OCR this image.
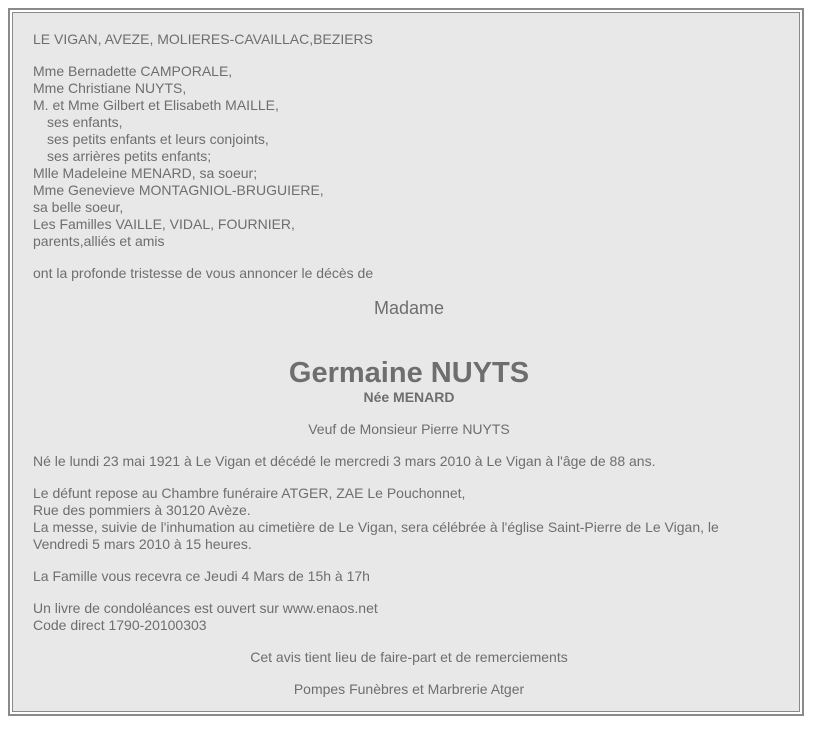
LE VIGAN, AVEZE, MOLIERES-CAVAILLAC,BEZIERS

Mme Bernadette CAMPORALE,
Mme Christiane NUYTS,
M. et Mme Gilbert et Elisabeth MAILLE,
ses enfants,
ses petits enfants et leurs conjoints,
ses arrières petits enfants;
Mlle Madeleine MENARD, sa soeur;
Mme Genevieve MONTAGNIOL-BRUGUIERE,
sa belle soeur,
Les Familles VAILLE, VIDAL, FOURNIER,
parents,alliés et amis

ont la profonde tristesse de vous annoncer le décès de

Madame

Germaine NUYTS

Née MENARD

Veuf de Monsieur Pierre NUYTS

Né le lundi 23 mai 1921 à Le Vigan et décédé le mercredi 3 mars 2010 à Le Vigan à l'âge de 88 ans.

Le défunt repose au Chambre funéraire ATGER, ZAE Le Pouchonnet,
Rue des pommiers à 30120 Avèze.
La messe, suivie de l'inhumation au cimetière de Le Vigan, sera célébrée à l'église Saint-Pierre de Le Vigan, le
Vendredi 5 mars 2010 à 15 heures.

La Famille vous recevra ce Jeudi 4 Mars de 15h à 17h

Un livre de condoléances est ouvert sur www.enaos.net
Code direct 1790-20100303

Cet avis tient lieu de faire-part et de remerciements

Pompes Funèbres et Marbrerie Atger
